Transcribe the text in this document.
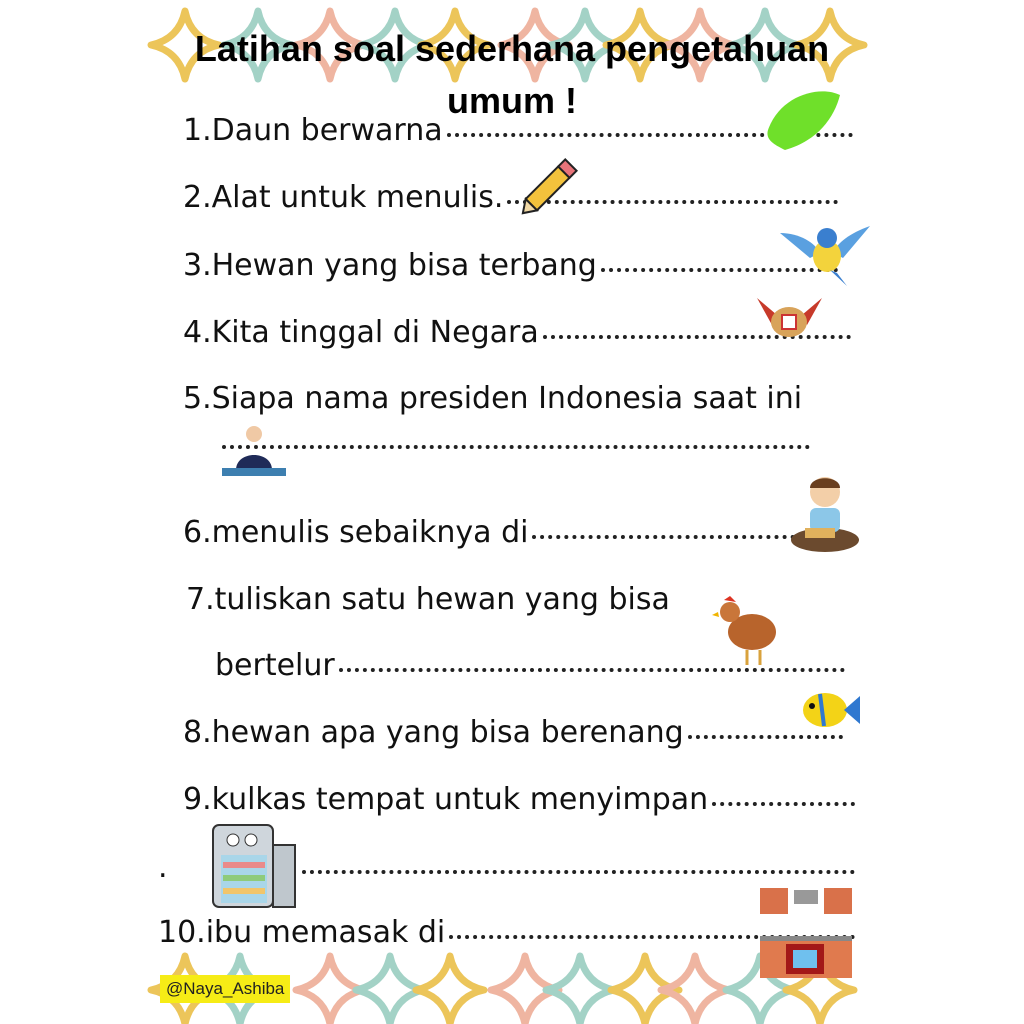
Latihan soal sederhana pengetahuan
umum !
1. Daun berwarna
2. Alat untuk menulis.
3. Hewan yang bisa terbang
4. Kita tinggal di Negara
5. Siapa nama presiden Indonesia saat ini
6. menulis sebaiknya di
7. tuliskan satu hewan yang bisa
bertelur
8. hewan apa yang bisa berenang
9. kulkas tempat untuk menyimpan
.
10. ibu memasak di
@Naya_Ashiba
